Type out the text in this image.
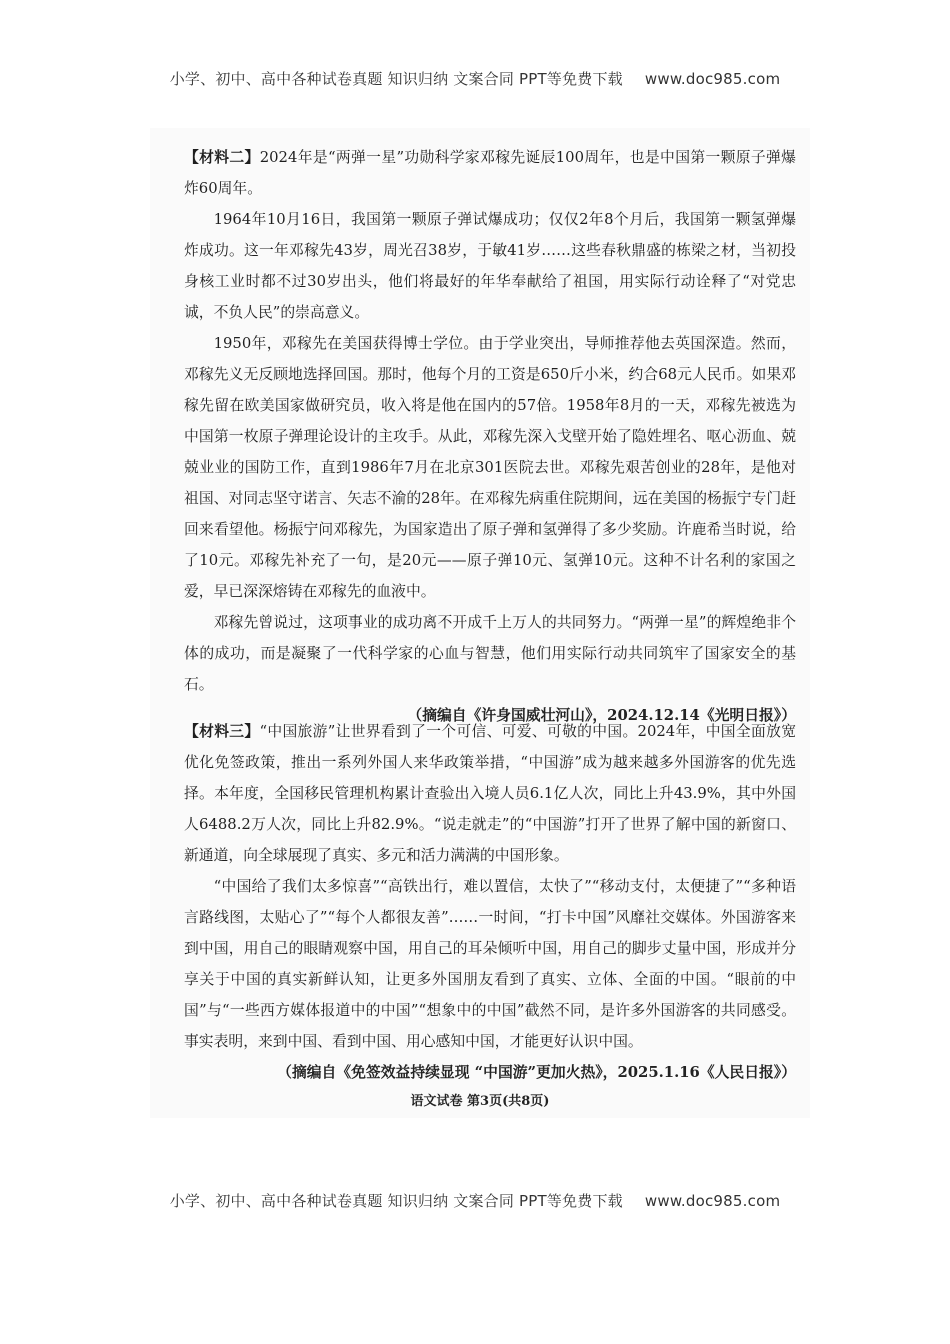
小学、初中、高中各种试卷真题 知识归纳 文案合同 PPT等免费下载 www.doc985.com

【材料二】2024年是“两弹一星”功勋科学家邓稼先诞辰100周年，也是中国第一颗原子弹爆炸60周年。

1964年10月16日，我国第一颗原子弹试爆成功；仅仅2年8个月后，我国第一颗氢弹爆炸成功。这一年邓稼先43岁，周光召38岁，于敏41岁……这些春秋鼎盛的栋梁之材，当初投身核工业时都不过30岁出头，他们将最好的年华奉献给了祖国，用实际行动诠释了“对党忠诚，不负人民”的崇高意义。

1950年，邓稼先在美国获得博士学位。由于学业突出，导师推荐他去英国深造。然而，邓稼先义无反顾地选择回国。那时，他每个月的工资是650斤小米，约合68元人民币。如果邓稼先留在欧美国家做研究员，收入将是他在国内的57倍。1958年8月的一天，邓稼先被选为中国第一枚原子弹理论设计的主攻手。从此，邓稼先深入戈壁开始了隐姓埋名、呕心沥血、兢兢业业的国防工作，直到1986年7月在北京301医院去世。邓稼先艰苦创业的28年，是他对祖国、对同志坚守诺言、矢志不渝的28年。在邓稼先病重住院期间，远在美国的杨振宁专门赶回来看望他。杨振宁问邓稼先，为国家造出了原子弹和氢弹得了多少奖励。许鹿希当时说，给了10元。邓稼先补充了一句，是20元——原子弹10元、氢弹10元。这种不计名利的家国之爱，早已深深熔铸在邓稼先的血液中。

邓稼先曾说过，这项事业的成功离不开成千上万人的共同努力。“两弹一星”的辉煌绝非个体的成功，而是凝聚了一代科学家的心血与智慧，他们用实际行动共同筑牢了国家安全的基石。

（摘编自《许身国威壮河山》，2024.12.14《光明日报》）

【材料三】“中国旅游”让世界看到了一个可信、可爱、可敬的中国。2024年，中国全面放宽优化免签政策，推出一系列外国人来华政策举措，“中国游”成为越来越多外国游客的优先选择。本年度，全国移民管理机构累计查验出入境人员6.1亿人次，同比上升43.9%，其中外国人6488.2万人次，同比上升82.9%。“说走就走”的“中国游”打开了世界了解中国的新窗口、新通道，向全球展现了真实、多元和活力满满的中国形象。

“中国给了我们太多惊喜”“高铁出行，难以置信，太快了”“移动支付，太便捷了”“多种语言路线图，太贴心了”“每个人都很友善”……一时间，“打卡中国”风靡社交媒体。外国游客来到中国，用自己的眼睛观察中国，用自己的耳朵倾听中国，用自己的脚步丈量中国，形成并分享关于中国的真实新鲜认知，让更多外国朋友看到了真实、立体、全面的中国。“眼前的中国”与“一些西方媒体报道中的中国”“想象中的中国”截然不同，是许多外国游客的共同感受。事实表明，来到中国、看到中国、用心感知中国，才能更好认识中国。

（摘编自《免签效益持续显现 “中国游”更加火热》，2025.1.16《人民日报》）

语文试卷 第3页(共8页)
小学、初中、高中各种试卷真题 知识归纳 文案合同 PPT等免费下载 www.doc985.com
